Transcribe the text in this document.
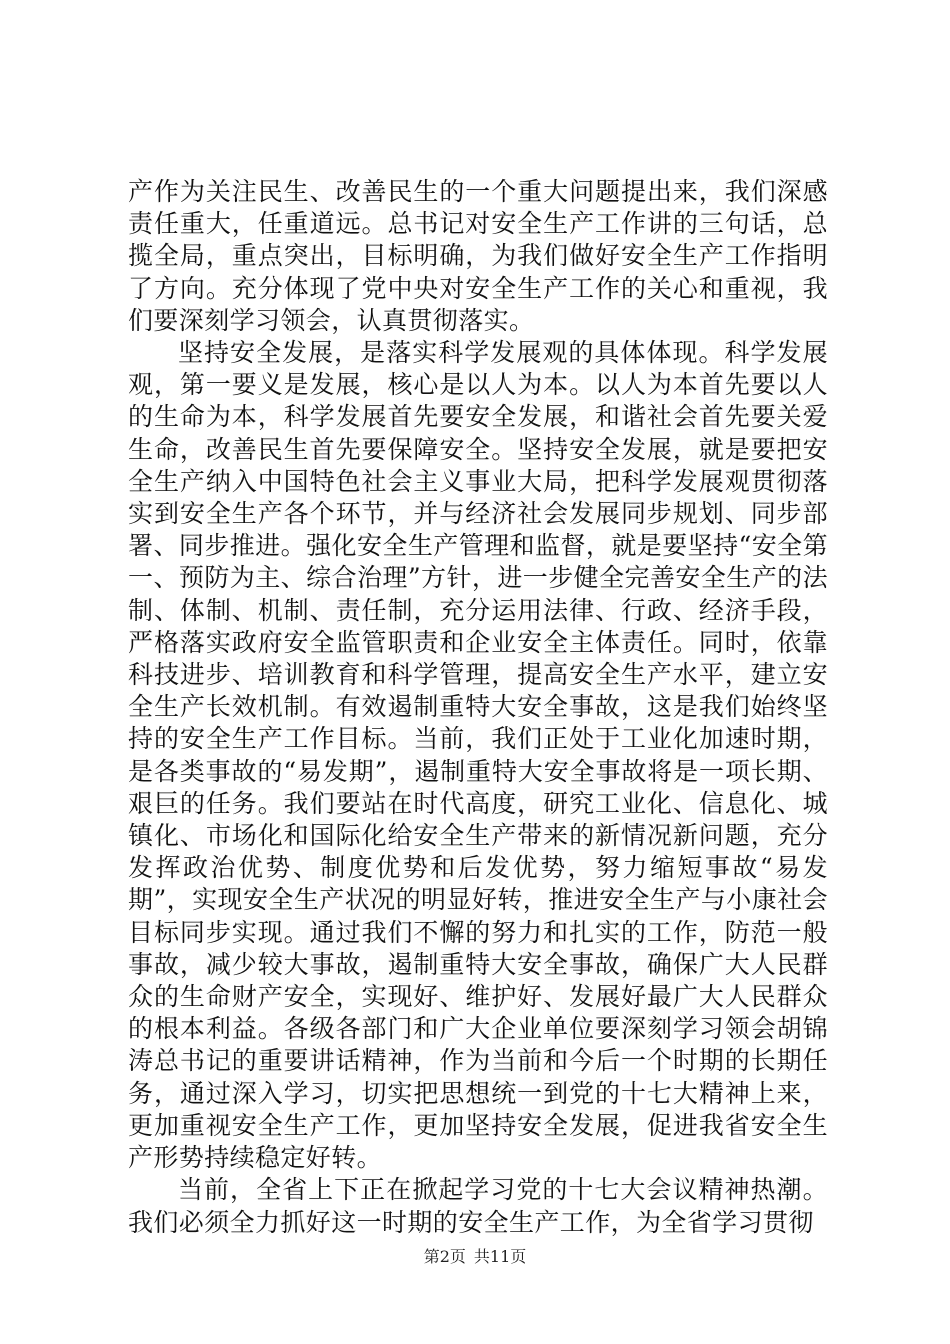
产作为关注民生、改善民生的一个重大问题提出来，我们深感责任重大，任重道远。总书记对安全生产工作讲的三句话，总揽全局，重点突出，目标明确，为我们做好安全生产工作指明了方向。充分体现了党中央对安全生产工作的关心和重视，我们要深刻学习领会，认真贯彻落实。

坚持安全发展，是落实科学发展观的具体体现。科学发展观，第一要义是发展，核心是以人为本。以人为本首先要以人的生命为本，科学发展首先要安全发展，和谐社会首先要关爱生命，改善民生首先要保障安全。坚持安全发展，就是要把安全生产纳入中国特色社会主义事业大局，把科学发展观贯彻落实到安全生产各个环节，并与经济社会发展同步规划、同步部署、同步推进。强化安全生产管理和监督，就是要坚持“安全第一、预防为主、综合治理”方针，进一步健全完善安全生产的法制、体制、机制、责任制，充分运用法律、行政、经济手段，严格落实政府安全监管职责和企业安全主体责任。同时，依靠科技进步、培训教育和科学管理，提高安全生产水平，建立安全生产长效机制。有效遏制重特大安全事故，这是我们始终坚持的安全生产工作目标。当前，我们正处于工业化加速时期，是各类事故的“易发期”，遏制重特大安全事故将是一项长期、艰巨的任务。我们要站在时代高度，研究工业化、信息化、城镇化、市场化和国际化给安全生产带来的新情况新问题，充分发挥政治优势、制度优势和后发优势，努力缩短事故“易发期”，实现安全生产状况的明显好转，推进安全生产与小康社会目标同步实现。通过我们不懈的努力和扎实的工作，防范一般事故，减少较大事故，遏制重特大安全事故，确保广大人民群众的生命财产安全，实现好、维护好、发展好最广大人民群众的根本利益。各级各部门和广大企业单位要深刻学习领会胡锦涛总书记的重要讲话精神，作为当前和今后一个时期的长期任务，通过深入学习，切实把思想统一到党的十七大精神上来，更加重视安全生产工作，更加坚持安全发展，促进我省安全生产形势持续稳定好转。

当前，全省上下正在掀起学习党的十七大会议精神热潮。我们必须全力抓好这一时期的安全生产工作，为全省学习贯彻

第2页 共11页
